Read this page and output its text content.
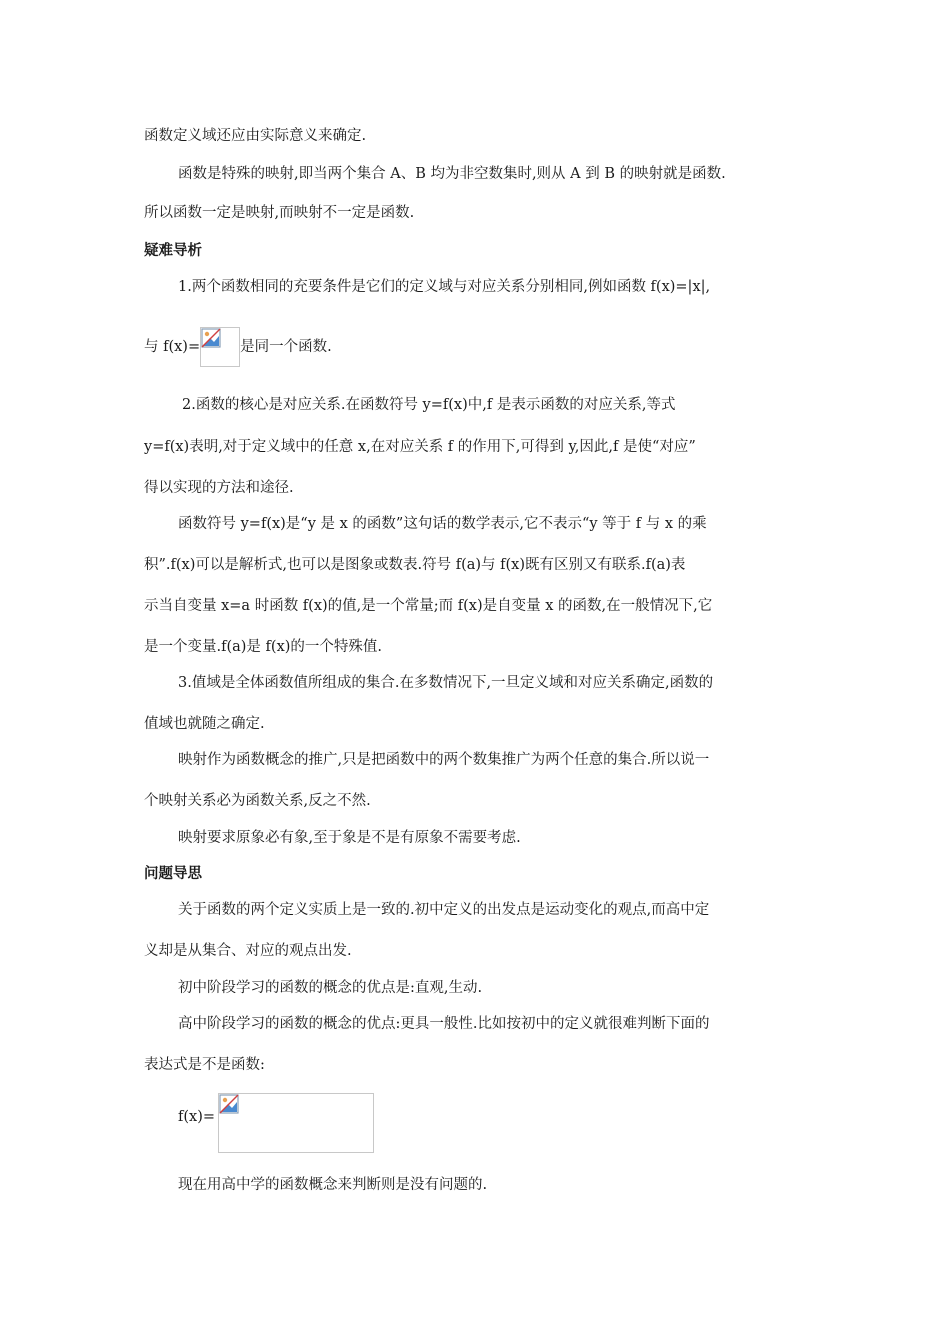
函数定义域还应由实际意义来确定.
函数是特殊的映射,即当两个集合 A、B 均为非空数集时,则从 A 到 B 的映射就是函数.
所以函数一定是映射,而映射不一定是函数.
疑难导析
1.两个函数相同的充要条件是它们的定义域与对应关系分别相同,例如函数 f(x)=|x|,
与 f(x)=	是同一个函数.
2.函数的核心是对应关系.在函数符号 y=f(x)中,f 是表示函数的对应关系,等式
y=f(x)表明,对于定义域中的任意 x,在对应关系 f 的作用下,可得到 y,因此,f 是使“对应”
得以实现的方法和途径.
函数符号 y=f(x)是“y 是 x 的函数”这句话的数学表示,它不表示“y 等于 f 与 x 的乘
积”.f(x)可以是解析式,也可以是图象或数表.符号 f(a)与 f(x)既有区别又有联系.f(a)表
示当自变量 x=a 时函数 f(x)的值,是一个常量;而 f(x)是自变量 x 的函数,在一般情况下,它
是一个变量.f(a)是 f(x)的一个特殊值.
3.值域是全体函数值所组成的集合.在多数情况下,一旦定义域和对应关系确定,函数的
值域也就随之确定.
映射作为函数概念的推广,只是把函数中的两个数集推广为两个任意的集合.所以说一
个映射关系必为函数关系,反之不然.
映射要求原象必有象,至于象是不是有原象不需要考虑.
问题导思
关于函数的两个定义实质上是一致的.初中定义的出发点是运动变化的观点,而高中定
义却是从集合、对应的观点出发.
初中阶段学习的函数的概念的优点是:直观,生动.
高中阶段学习的函数的概念的优点:更具一般性.比如按初中的定义就很难判断下面的
表达式是不是函数:
f(x)=
现在用高中学的函数概念来判断则是没有问题的.
